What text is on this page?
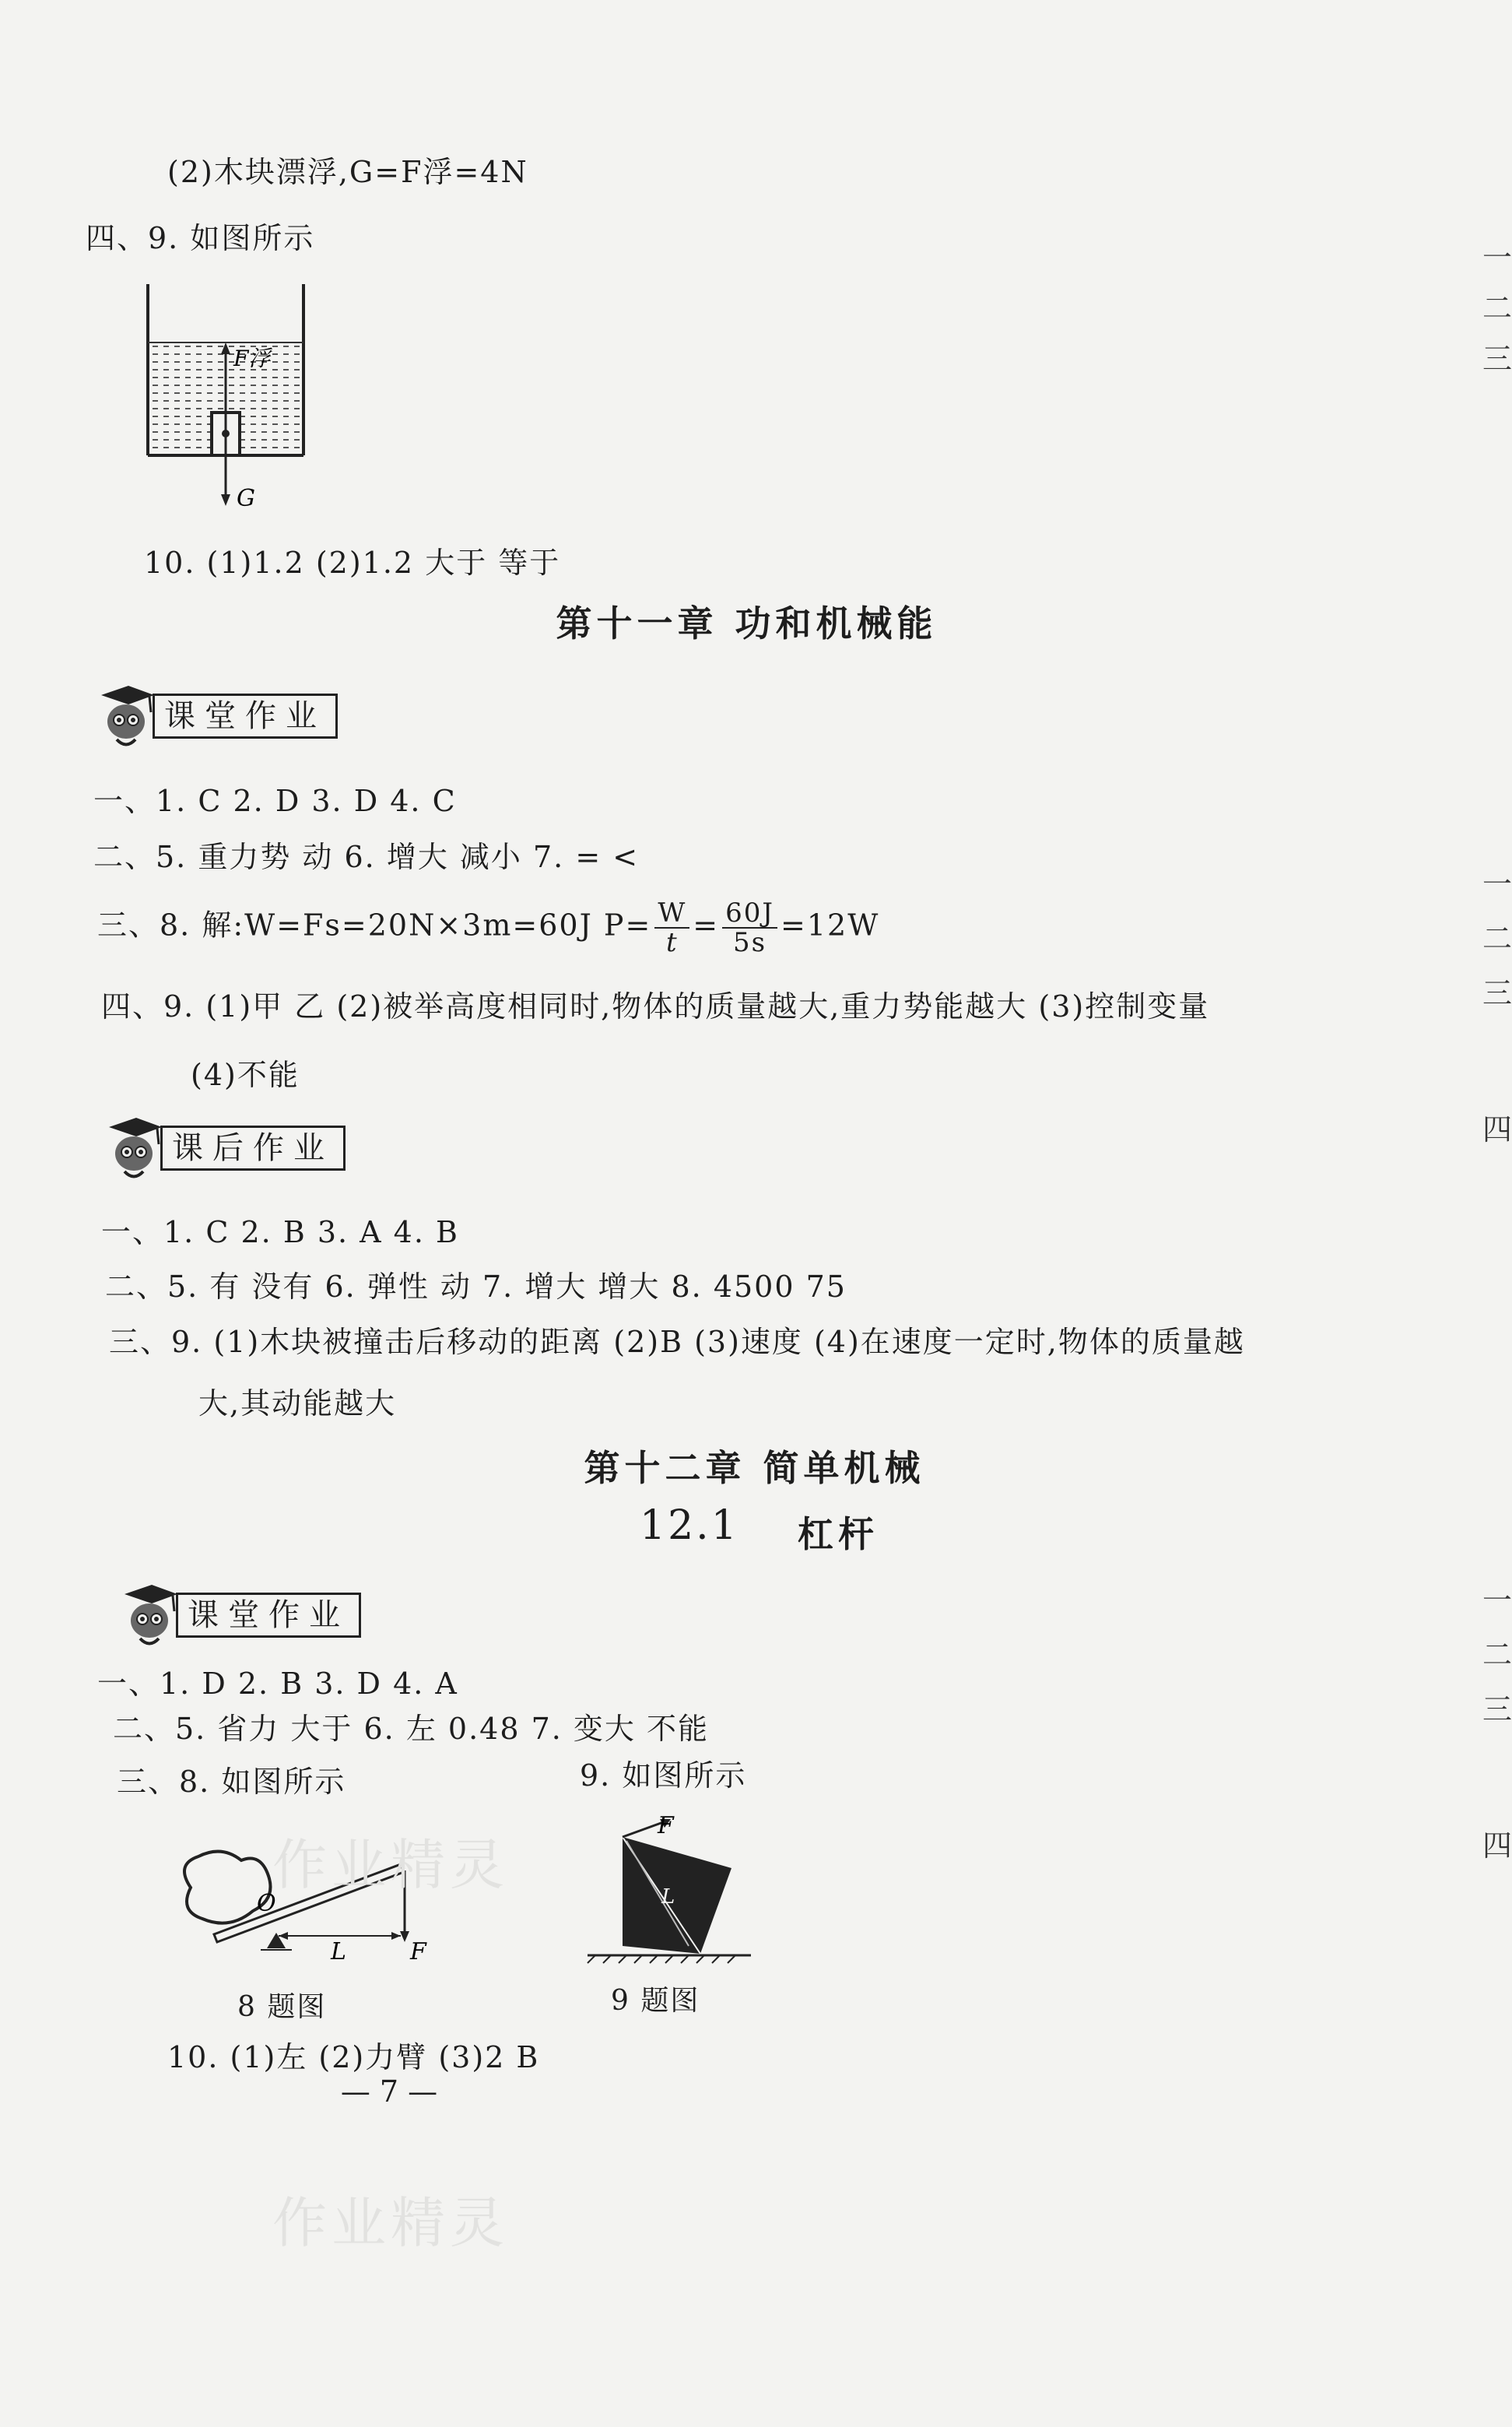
(2)木块漂浮,G=F浮=4N
四、9. 如图所示
F浮
G
10. (1)1.2 (2)1.2 大于 等于
第十一章 功和机械能
课堂作业
一、1. C 2. D 3. D 4. C
二、5. 重力势 动 6. 增大 减小 7. = <
三、8. 解:W=Fs=20N×3m=60J $P= \frac{W}{t} = \frac{60J}{5s} =12W$
四、9. (1)甲 乙 (2)被举高度相同时,物体的质量越大,重力势能越大 (3)控制变量
(4)不能
课后作业
一、1. C 2. B 3. A 4. B
二、5. 有 没有 6. 弹性 动 7. 增大 增大 8. 4500 75
三、9. (1)木块被撞击后移动的距离 (2)B (3)速度 (4)在速度一定时,物体的质量越
大,其动能越大
第十二章 简单机械
12.1 杠杆
课堂作业
一、1. D 2. B 3. D 4. A
二、5. 省力 大于 6. 左 0.48 7. 变大 不能
三、8. 如图所示	9. 如图所示
O
L	F
F
L
8 题图	9 题图
10. (1)左 (2)力臂 (3)2 B
— 7 —
作业精灵
作业精灵
一
二
三
一
二
三
四
一
二
三
四
